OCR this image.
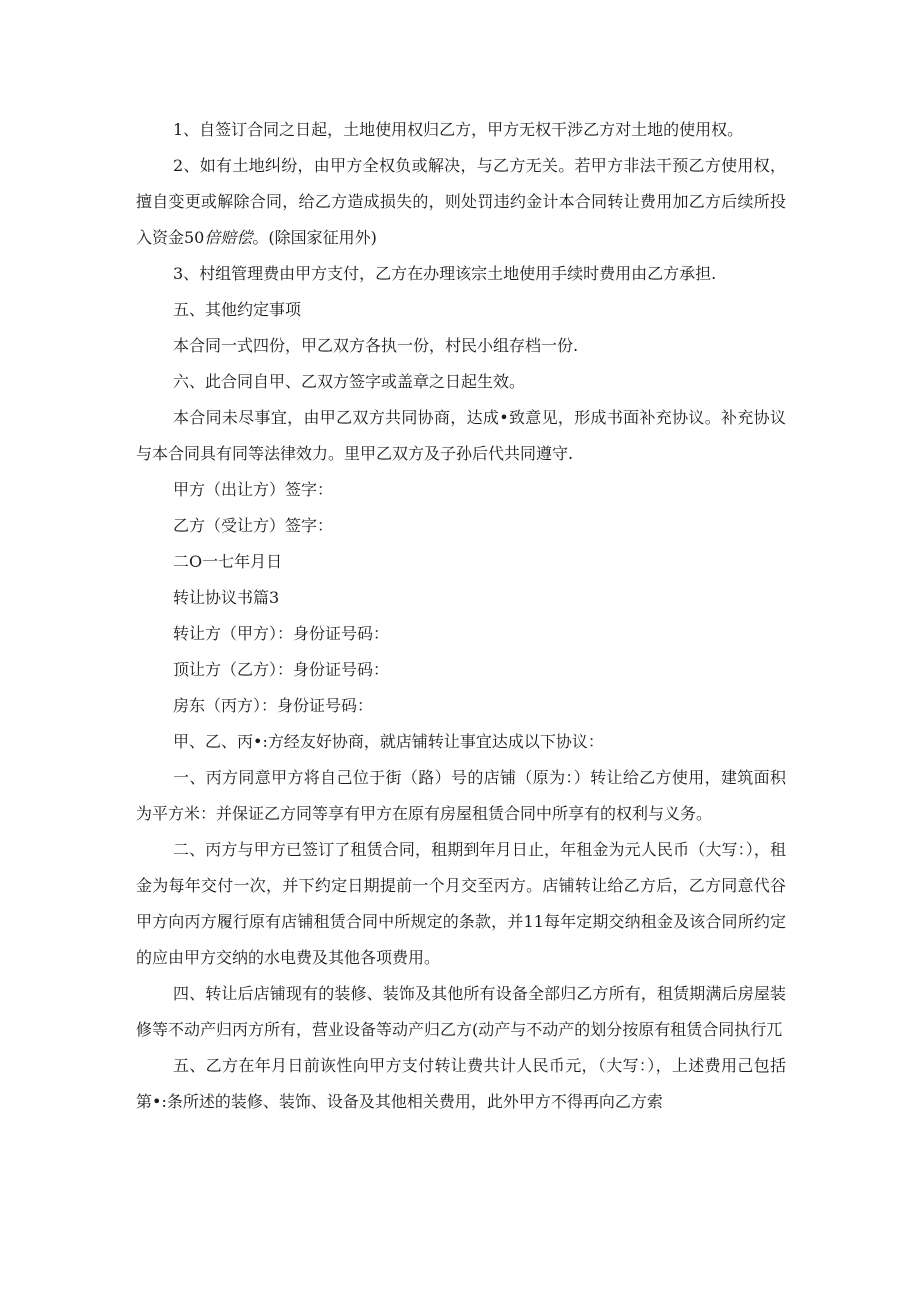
1、自签订合同之日起，土地使用权归乙方，甲方无权干涉乙方对土地的使用权。

2、如有土地纠纷，由甲方全权负或解决，与乙方无关。若甲方非法干预乙方使用权，擅自变更或解除合同，给乙方造成损失的，则处罚违约金计本合同转让费用加乙方后续所投入资金50倍赔偿。(除国家征用外)

3、村组管理费由甲方支付，乙方在办理该宗土地使用手续时费用由乙方承担.

五、其他约定事项

本合同一式四份，甲乙双方各执一份，村民小组存档一份.

六、此合同自甲、乙双方签字或盖章之日起生效。

本合同未尽事宜，由甲乙双方共同协商，达成•致意见，形成书面补充协议。补充协议与本合同具有同等法律效力。里甲乙双方及子孙后代共同遵守.

甲方（出让方）签字：

乙方（受让方）签字：

二O一七年月日

转让协议书篇3

转让方（甲方）：身份证号码：

顶让方（乙方）：身份证号码：

房东（丙方）：身份证号码：

甲、乙、丙•:方经友好协商，就店铺转让事宜达成以下协议：

一、丙方同意甲方将自己位于街（路）号的店铺（原为：）转让给乙方使用，建筑面积为平方米：并保证乙方同等享有甲方在原有房屋租赁合同中所享有的权利与义务。

二、丙方与甲方已签订了租赁合同，租期到年月日止，年租金为元人民币（大写：），租金为每年交付一次，并下约定日期提前一个月交至丙方。店铺转让给乙方后，乙方同意代谷甲方向丙方履行原有店铺租赁合同中所规定的条款，并11每年定期交纳租金及该合同所约定的应由甲方交纳的水电费及其他各项费用。

四、转让后店铺现有的装修、装饰及其他所有设备全部归乙方所有，租赁期满后房屋装修等不动产归丙方所有，营业设备等动产归乙方(动产与不动产的划分按原有租赁合同执行兀

五、乙方在年月日前诙性向甲方支付转让费共计人民币元，（大写：），上述费用己包括第•:条所述的装修、装饰、设备及其他相关费用，此外甲方不得再向乙方索
